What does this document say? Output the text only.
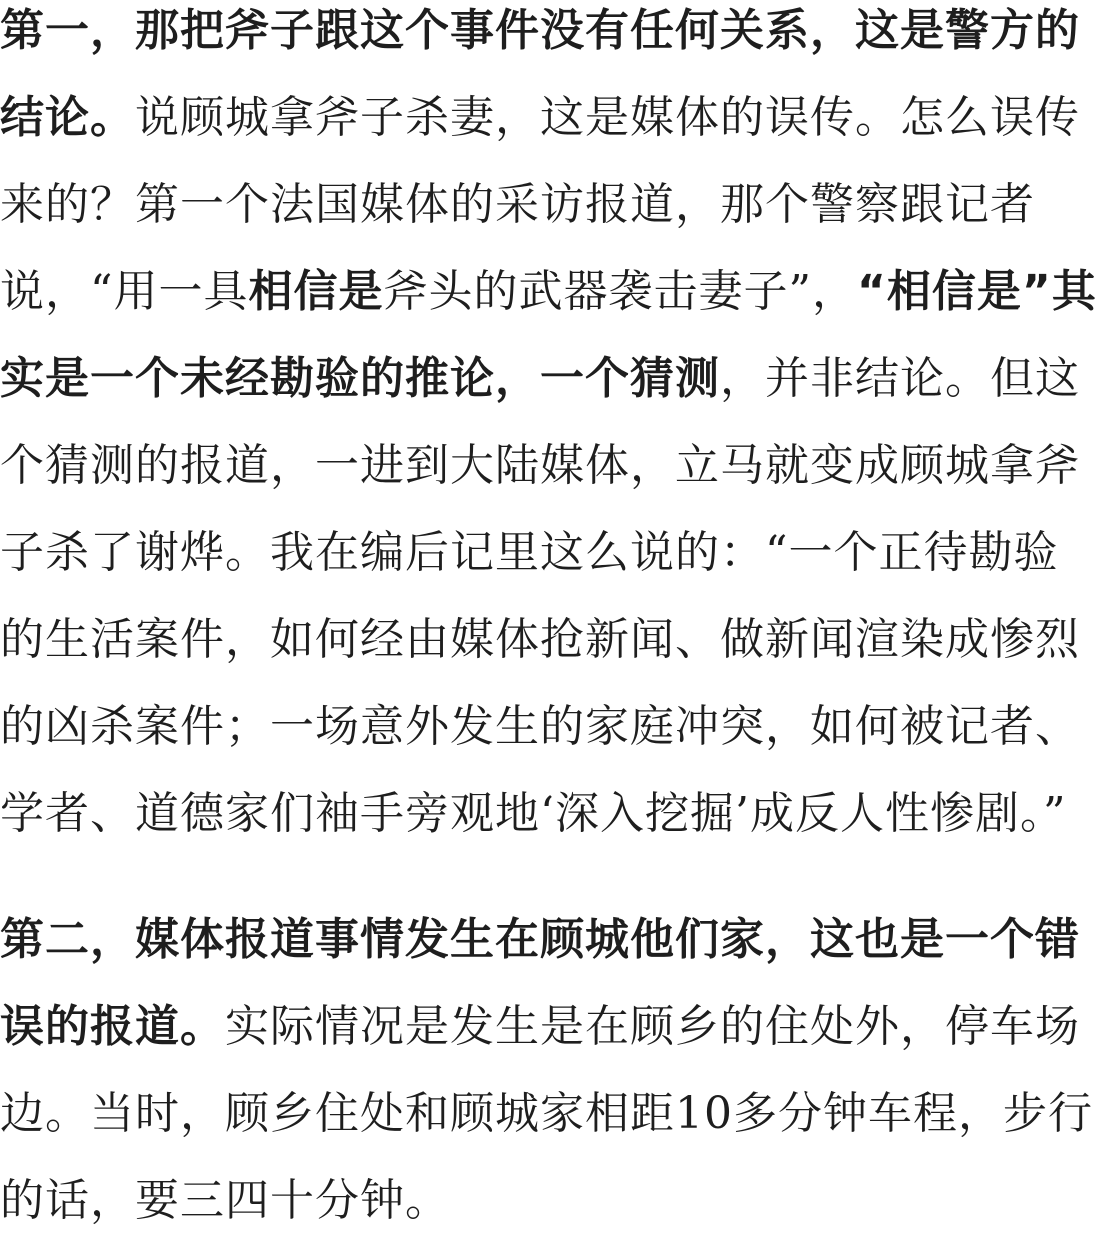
第一，那把斧子跟这个事件没有任何关系，这是警方的
结论。说顾城拿斧子杀妻，这是媒体的误传。怎么误传
来的？第一个法国媒体的采访报道，那个警察跟记者
说，“用一具相信是斧头的武器袭击妻子”，“相信是”其
实是一个未经勘验的推论，一个猜测，并非结论。但这
个猜测的报道，一进到大陆媒体，立马就变成顾城拿斧
子杀了谢烨。我在编后记里这么说的：“一个正待勘验
的生活案件，如何经由媒体抢新闻、做新闻渲染成惨烈
的凶杀案件；一场意外发生的家庭冲突，如何被记者、
学者、道德家们袖手旁观地‘深入挖掘’成反人性惨剧。”
第二，媒体报道事情发生在顾城他们家，这也是一个错
误的报道。实际情况是发生是在顾乡的住处外，停车场
边。当时，顾乡住处和顾城家相距10多分钟车程，步行
的话，要三四十分钟。
